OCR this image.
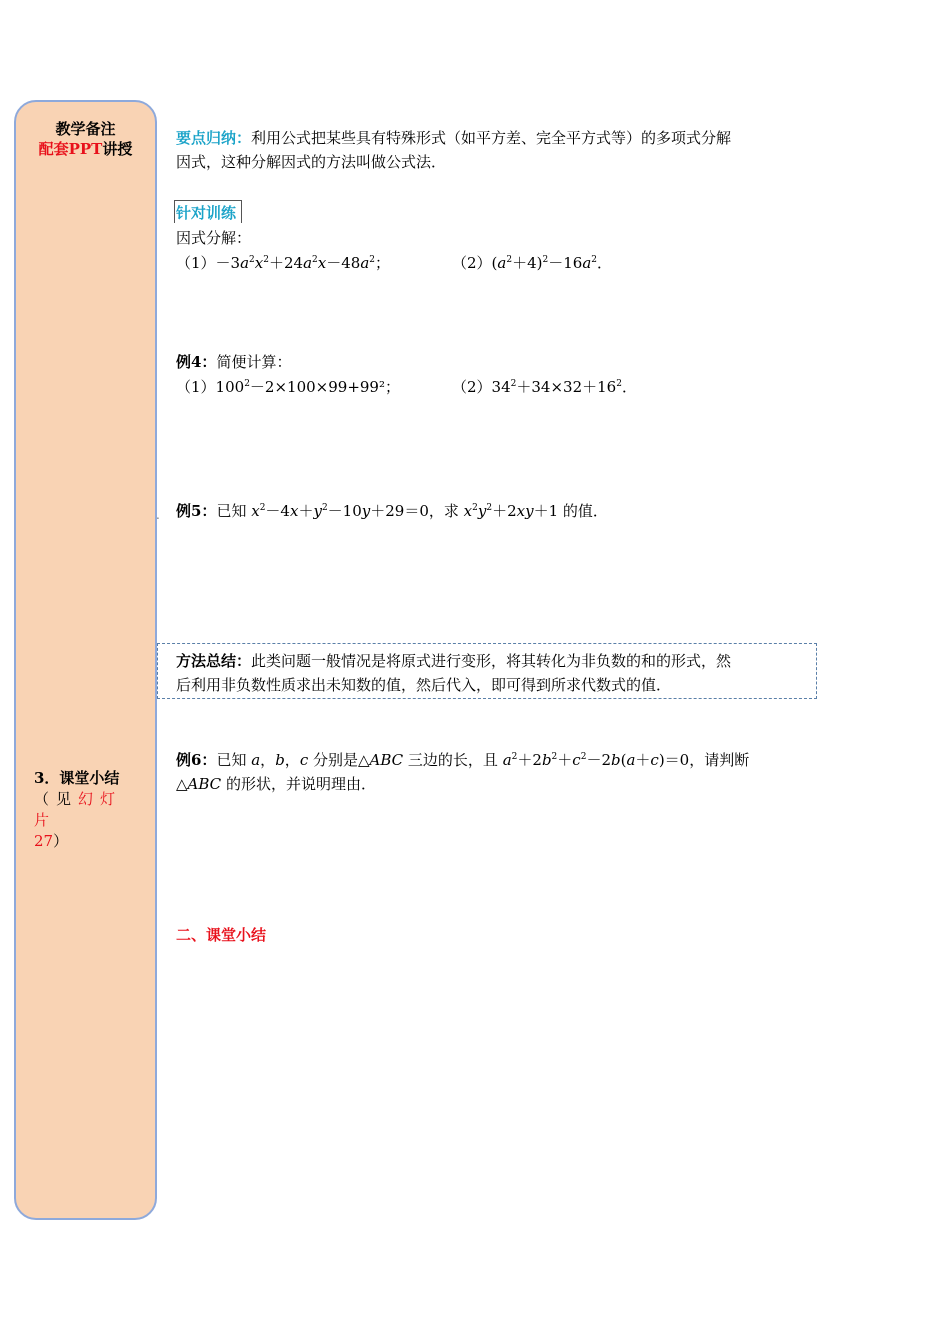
教学备注
配套PPT讲授
3．课堂小结
（见幻灯片
27）
要点归纳：利用公式把某些具有特殊形式（如平方差、完全平方式等）的多项式分解
因式，这种分解因式的方法叫做公式法．
针对训练
因式分解：
$(1)-3a^2x^2+24a^2x-48a^2$；	$(2)(a^2+4)^2-16a^2$．
例4：简便计算：
$(1)100^2-2\times 100\times 99+99^2$；	$(2)34^2+34\times 32+16^2$．
. 例5：已知 $x^2-4x+y^2-10y+29=0$，求 $x^2y^2+2xy+1$ 的值．
方法总结：此类问题一般情况是将原式进行变形，将其转化为非负数的和的形式，然
后利用非负数性质求出未知数的值，然后代入，即可得到所求代数式的值．
例6：已知 a，b，c 分别是△ABC 三边的长，且 $a^2+2b^2+c^2-2b(a+c)=0$，请判断
△ABC 的形状，并说明理由．
二、课堂小结
